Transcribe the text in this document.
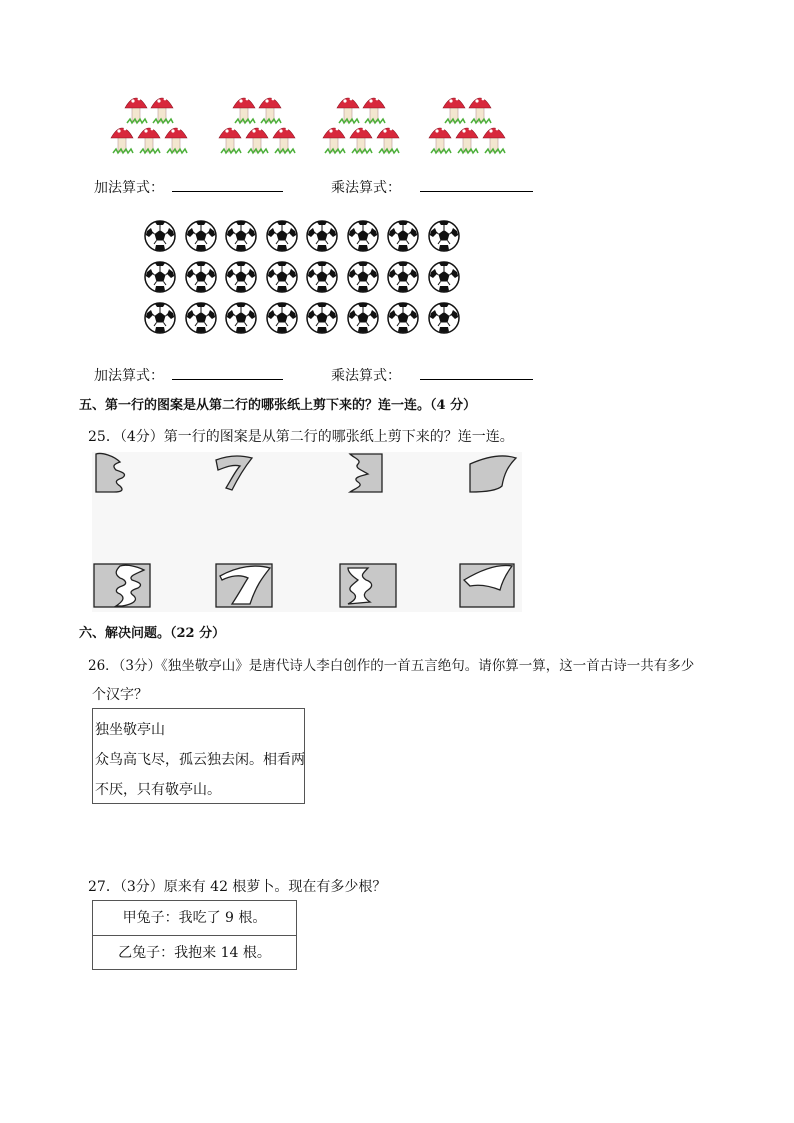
加法算式：	乘法算式：
加法算式：	乘法算式：
五、第一行的图案是从第二行的哪张纸上剪下来的？连一连。（4 分）
25．（4分）第一行的图案是从第二行的哪张纸上剪下来的？连一连。
六、解决问题。（22 分）
26．（3分）《独坐敬亭山》是唐代诗人李白创作的一首五言绝句。请你算一算，这一首古诗一共有多少
个汉字？
独坐敬亭山
众鸟高飞尽，孤云独去闲。相看两
不厌，只有敬亭山。
27．（3分）原来有 42 根萝卜。现在有多少根？
甲兔子：我吃了 9 根。
乙兔子：我抱来 14 根。
